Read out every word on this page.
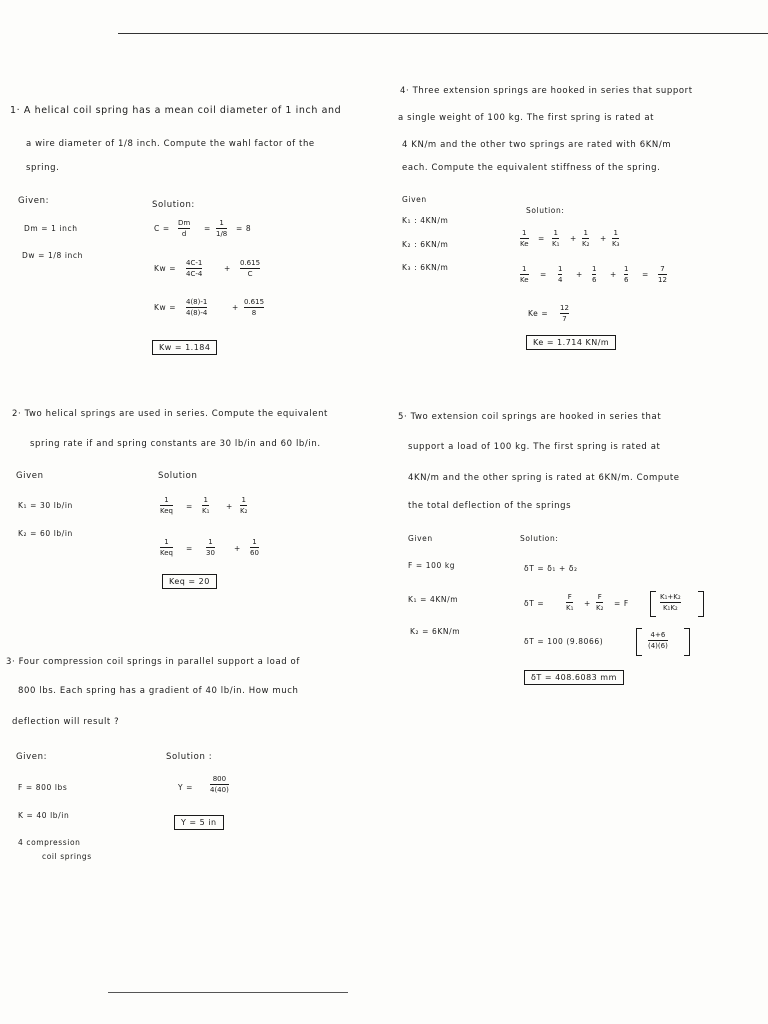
1· A helical coil spring has a mean coil diameter of 1 inch and
a wire diameter of 1/8 inch. Compute the wahl factor of the
spring.
Given:
Dm = 1 inch
Dw = 1/8 inch
Solution:
C =
Dm
d
=
1
1/8
= 8
Kw =
4C-1
4C-4
+
0.615
C
Kw =
4(8)-1
4(8)-4
+
0.615
8
Kw = 1.184
2· Two helical springs are used in series. Compute the equivalent
spring rate if and spring constants are 30 lb/in and 60 lb/in.
Given
K₁ = 30 lb/in
K₂ = 60 lb/in
Solution
1
Keq
=
1
K₁
+
1
K₂
1
Keq
=
1
30
+
1
60
Keq = 20
3· Four compression coil springs in parallel support a load of
800 lbs. Each spring has a gradient of 40 lb/in. How much
deflection will result ?
Given:
F = 800 lbs
K = 40 lb/in
4 compression
coil springs
Solution :
Y =
800
4(40)
Y = 5 in
4· Three extension springs are hooked in series that support
a single weight of 100 kg. The first spring is rated at
4 KN/m and the other two springs are rated with 6KN/m
each. Compute the equivalent stiffness of the spring.
Given
K₁ : 4KN/m
K₂ : 6KN/m
K₃ : 6KN/m
Solution:
1
Ke
=
1
K₁
+
1
K₂
+
1
K₃
1
Ke
=
1
4
+
1
6
+
1
6
=
7
12
Ke =
12
7
Ke = 1.714 KN/m
5· Two extension coil springs are hooked in series that
support a load of 100 kg. The first spring is rated at
4KN/m and the other spring is rated at 6KN/m. Compute
the total deflection of the springs
Given
F = 100 kg
K₁ = 4KN/m
K₂ = 6KN/m
Solution:
δT = δ₁ + δ₂
δT =
F
K₁
+
F
K₂
= F
K₁+K₂
K₁K₂
δT = 100 (9.8066)
4+6
(4)(6)
δT = 408.6083 mm
